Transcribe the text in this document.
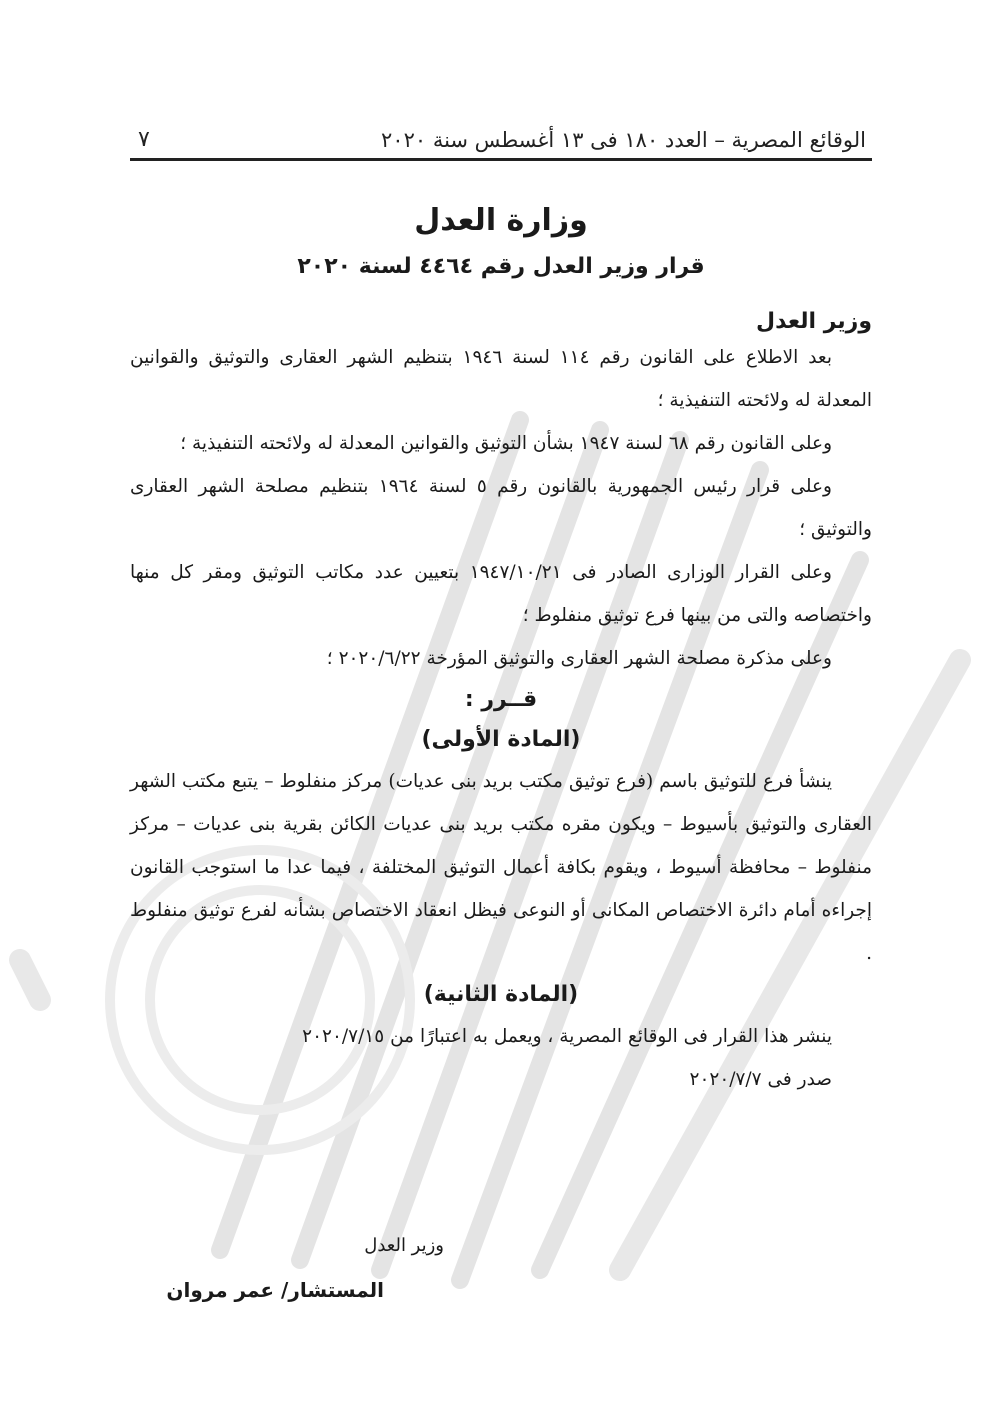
الوقائع المصرية – العدد ١٨٠ فى ١٣ أغسطس سنة ٢٠٢٠
٧
وزارة العدل
قرار وزير العدل رقم ٤٤٦٤ لسنة ٢٠٢٠
وزير العدل

بعد الاطلاع على القانون رقم ١١٤ لسنة ١٩٤٦ بتنظيم الشهر العقارى والتوثيق والقوانين المعدلة له ولائحته التنفيذية ؛

وعلى القانون رقم ٦٨ لسنة ١٩٤٧ بشأن التوثيق والقوانين المعدلة له ولائحته التنفيذية ؛

وعلى قرار رئيس الجمهورية بالقانون رقم ٥ لسنة ١٩٦٤ بتنظيم مصلحة الشهر العقارى والتوثيق ؛

وعلى القرار الوزارى الصادر فى ١٩٤٧/١٠/٢١ بتعيين عدد مكاتب التوثيق ومقر كل منها واختصاصه والتى من بينها فرع توثيق منفلوط ؛

وعلى مذكرة مصلحة الشهر العقارى والتوثيق المؤرخة ٢٠٢٠/٦/٢٢ ؛

قــرر :
(المادة الأولى)

ينشأ فرع للتوثيق باسم (فرع توثيق مكتب بريد بنى عديات) مركز منفلوط – يتبع مكتب الشهر العقارى والتوثيق بأسيوط – ويكون مقره مكتب بريد بنى عديات الكائن بقرية بنى عديات – مركز منفلوط – محافظة أسيوط ، ويقوم بكافة أعمال التوثيق المختلفة ، فيما عدا ما استوجب القانون إجراءه أمام دائرة الاختصاص المكانى أو النوعى فيظل انعقاد الاختصاص بشأنه لفرع توثيق منفلوط .

(المادة الثانية)

ينشر هذا القرار فى الوقائع المصرية ، ويعمل به اعتبارًا من ٢٠٢٠/٧/١٥

صدر فى ٢٠٢٠/٧/٧

وزير العدل
المستشار/ عمر مروان
